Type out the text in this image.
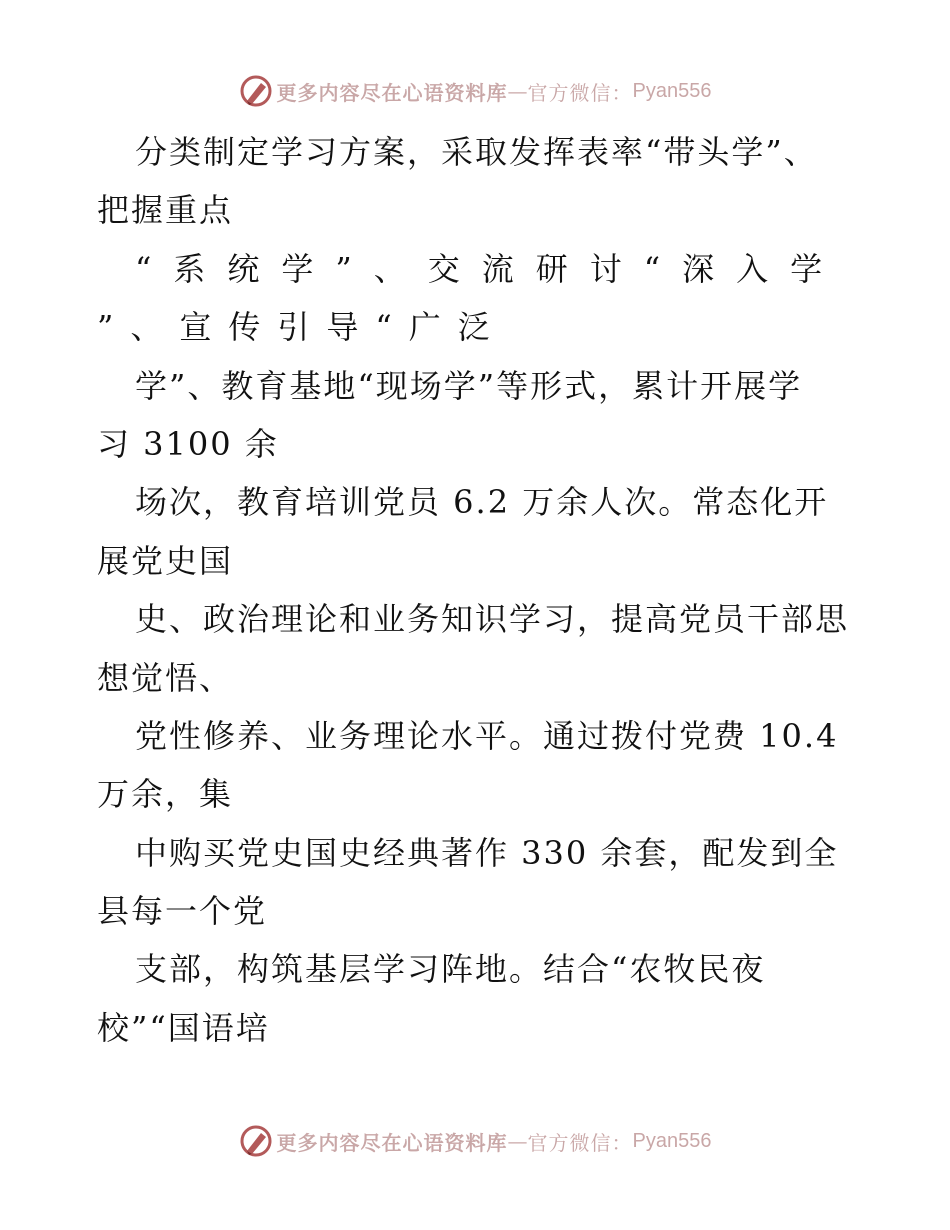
更多内容尽在心语资料库 — 官方微信： Pyan556
分类制定学习方案，采取发挥表率“带头学”、
把握重点
“系统学”、交流研讨“深入学
”、宣传引导“广泛
学”、教育基地“现场学”等形式，累计开展学
习 3100 余
场次，教育培训党员 6.2 万余人次。常态化开
展党史国
史、政治理论和业务知识学习，提高党员干部思
想觉悟、
党性修养、业务理论水平。通过拨付党费 10.4
万余，集
中购买党史国史经典著作 330 余套，配发到全
县每一个党
支部，构筑基层学习阵地。结合“农牧民夜
校”“国语培
更多内容尽在心语资料库 — 官方微信： Pyan556
